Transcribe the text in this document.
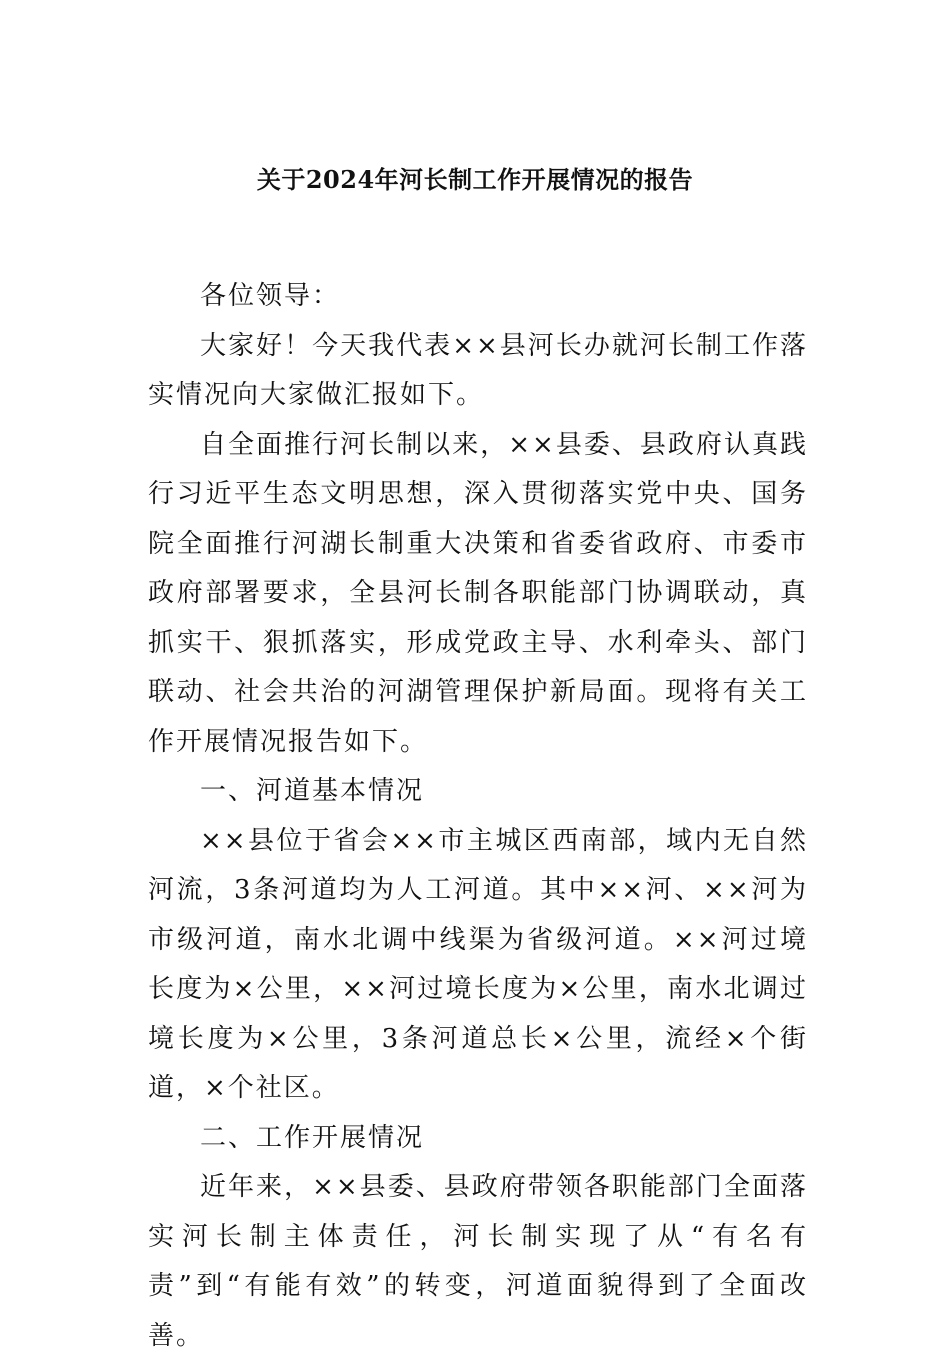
关于2024年河长制工作开展情况的报告

各位领导：

大家好！今天我代表××县河长办就河长制工作落实情况向大家做汇报如下。

自全面推行河长制以来，××县委、县政府认真践行习近平生态文明思想，深入贯彻落实党中央、国务院全面推行河湖长制重大决策和省委省政府、市委市政府部署要求，全县河长制各职能部门协调联动，真抓实干、狠抓落实，形成党政主导、水利牵头、部门联动、社会共治的河湖管理保护新局面。现将有关工作开展情况报告如下。

一、河道基本情况

××县位于省会××市主城区西南部，域内无自然河流，3条河道均为人工河道。其中××河、××河为市级河道，南水北调中线渠为省级河道。××河过境长度为×公里，××河过境长度为×公里，南水北调过境长度为×公里，3条河道总长×公里，流经×个街道，×个社区。

二、工作开展情况

近年来，××县委、县政府带领各职能部门全面落实河长制主体责任，河长制实现了从“有名有责”到“有能有效”的转变，河道面貌得到了全面改善。
